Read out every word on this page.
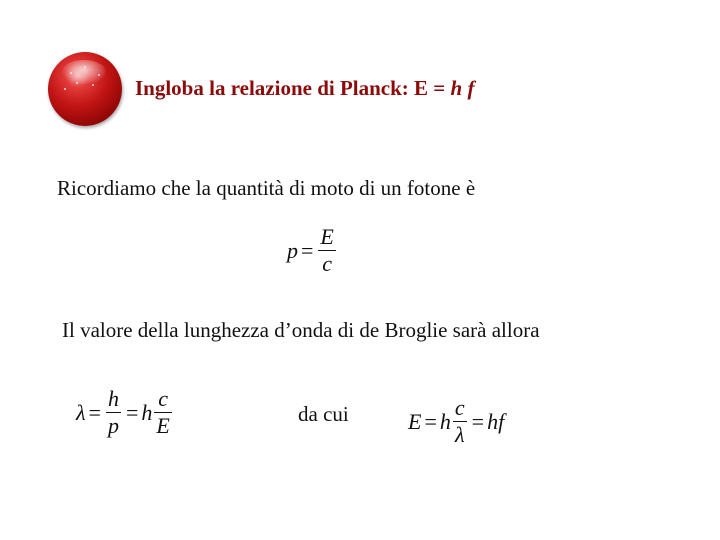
Ingloba la relazione di Planck: E = h f
Ricordiamo che la quantità di moto di un fotone è
$p = \frac{E}{c}$
Il valore della lunghezza d’onda di de Broglie sarà allora
$\lambda = \frac{h}{p} = h \frac{c}{E}$	da cui	E = h $\frac{c}{\lambda}$ = hf
